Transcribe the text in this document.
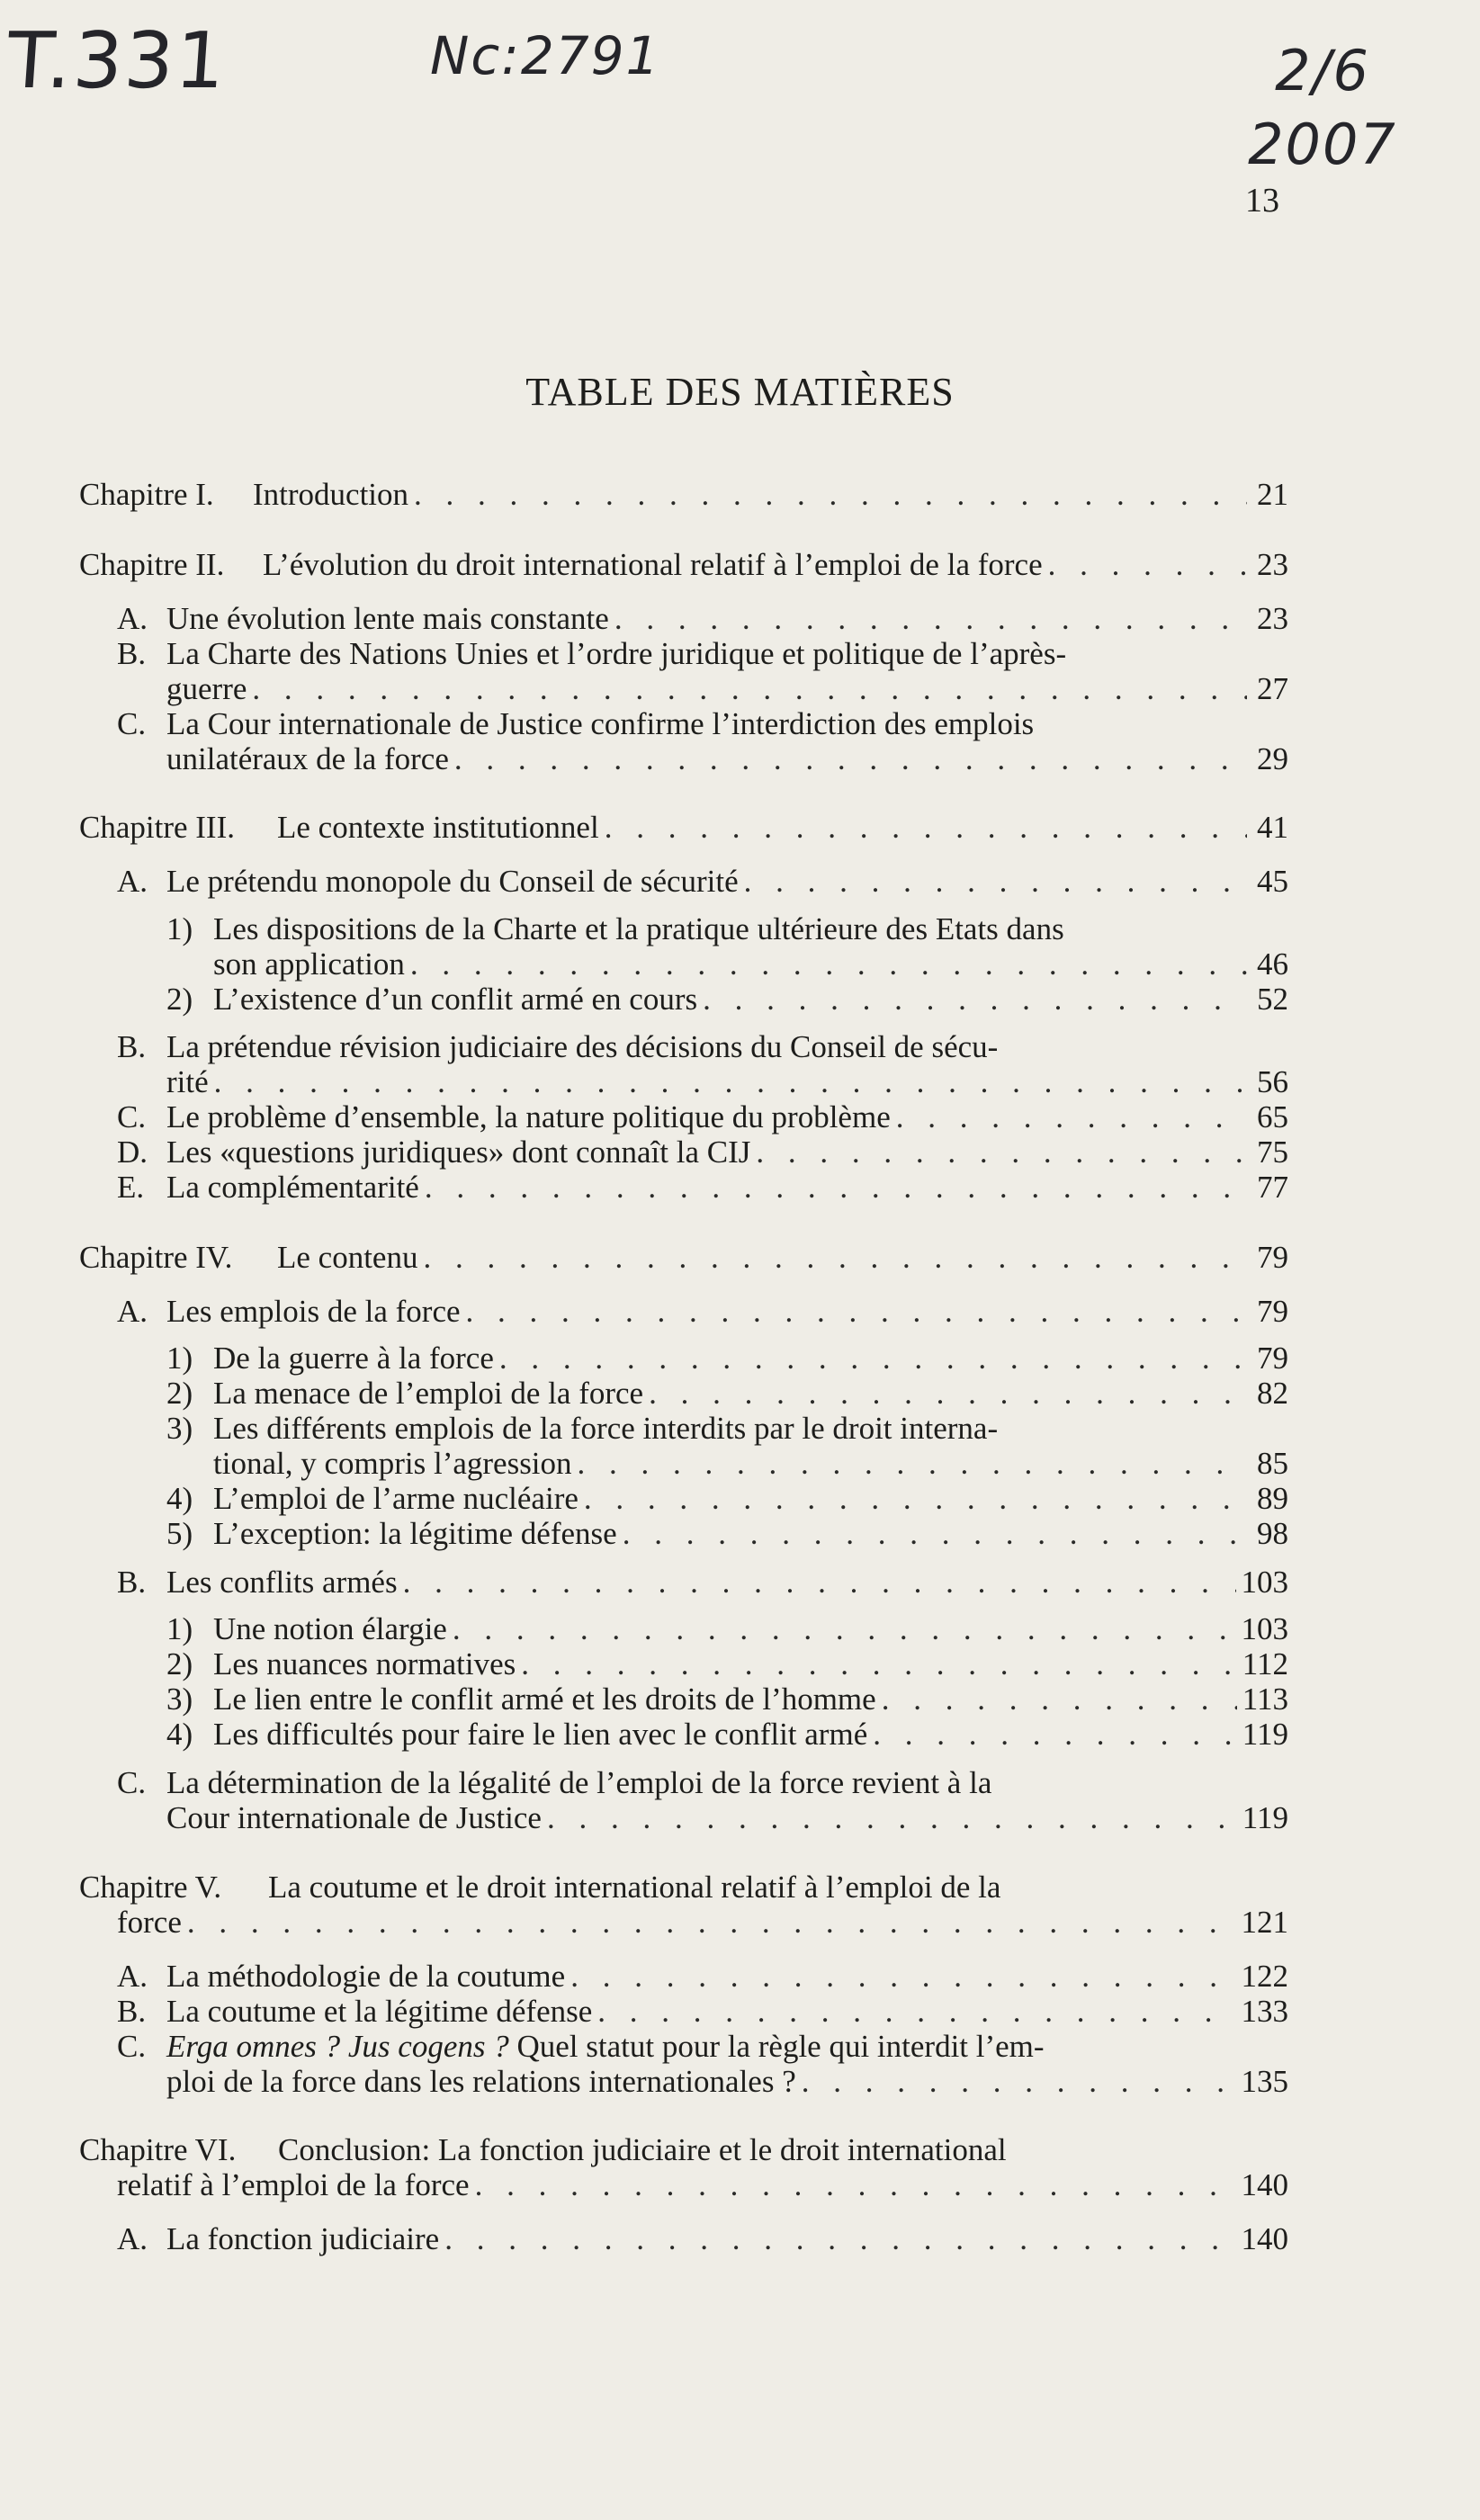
T.331	Nc:2791	2/6
2007
13
TABLE DES MATIÈRES
Chapitre I. Introduction . . .	21
Chapitre II. L’évolution du droit international relatif à l’emploi de la force . . .	23
A. Une évolution lente mais constante . . .	23
B. La Charte des Nations Unies et l’ordre juridique et politique de l’après-
guerre . . .	27
C. La Cour internationale de Justice confirme l’interdiction des emplois
unilatéraux de la force . . .	29
Chapitre III. Le contexte institutionnel . . .	41
A. Le prétendu monopole du Conseil de sécurité . . .	45
1) Les dispositions de la Charte et la pratique ultérieure des Etats dans
son application . . .	46
2) L’existence d’un conflit armé en cours . . .	52
B. La prétendue révision judiciaire des décisions du Conseil de sécu-
rité . . .	56
C. Le problème d’ensemble, la nature politique du problème . . .	65
D. Les «questions juridiques» dont connaît la CIJ . . .	75
E. La complémentarité . . .	77
Chapitre IV. Le contenu . . .	79
A. Les emplois de la force . . .	79
1) De la guerre à la force . . .	79
2) La menace de l’emploi de la force . . .	82
3) Les différents emplois de la force interdits par le droit interna-
tional, y compris l’agression . . .	85
4) L’emploi de l’arme nucléaire . . .	89
5) L’exception: la légitime défense . . .	98
B. Les conflits armés . . .	103
1) Une notion élargie . . .	103
2) Les nuances normatives . . .	112
3) Le lien entre le conflit armé et les droits de l’homme . . .	113
4) Les difficultés pour faire le lien avec le conflit armé . . .	119
C. La détermination de la légalité de l’emploi de la force revient à la
Cour internationale de Justice . . .	119
Chapitre V. La coutume et le droit international relatif à l’emploi de la
force . . .	121
A. La méthodologie de la coutume . . .	122
B. La coutume et la légitime défense . . .	133
C. Erga omnes ? Jus cogens ? Quel statut pour la règle qui interdit l’em-
ploi de la force dans les relations internationales ? . . .	135
Chapitre VI. Conclusion: La fonction judiciaire et le droit international
relatif à l’emploi de la force . . .	140
A. La fonction judiciaire . . .	140
